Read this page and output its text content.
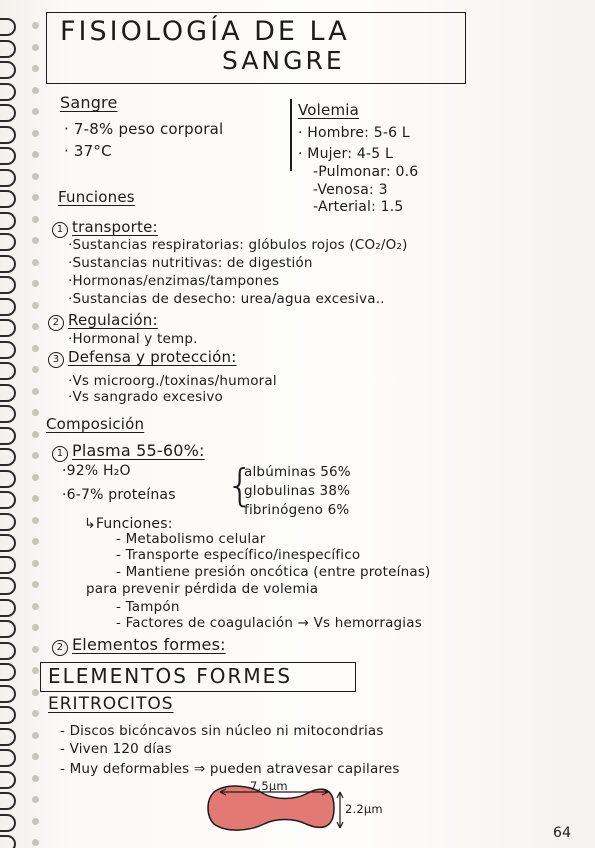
FISIOLOGÍA DE LA
SANGRE
Sangre
· 7-8% peso corporal
· 37°C
Volemia
· Hombre: 5-6 L
· Mujer: 4-5 L
-Pulmonar: 0.6
-Venosa: 3
-Arterial: 1.5
Funciones
1 transporte:
·Sustancias respiratorias: glóbulos rojos (CO₂/O₂)
·Sustancias nutritivas: de digestión
·Hormonas/enzimas/tampones
·Sustancias de desecho: urea/agua excesiva..
2 Regulación:
·Hormonal y temp.
3 Defensa y protección:
·Vs microorg./toxinas/humoral
·Vs sangrado excesivo
Composición
1 Plasma 55-60%:
·92% H₂O
·6-7% proteínas {
albúminas 56%
globulinas 38%
fibrinógeno 6%
↳Funciones:
- Metabolismo celular
- Transporte específico/inespecífico
- Mantiene presión oncótica (entre proteínas)
para prevenir pérdida de volemia
- Tampón
- Factores de coagulación → Vs hemorragias
2 Elementos formes:
ELEMENTOS FORMES
ERITROCITOS
- Discos bicóncavos sin núcleo ni mitocondrias
- Viven 120 días
- Muy deformables ⇒ pueden atravesar capilares
7.5μm
2.2μm
64
